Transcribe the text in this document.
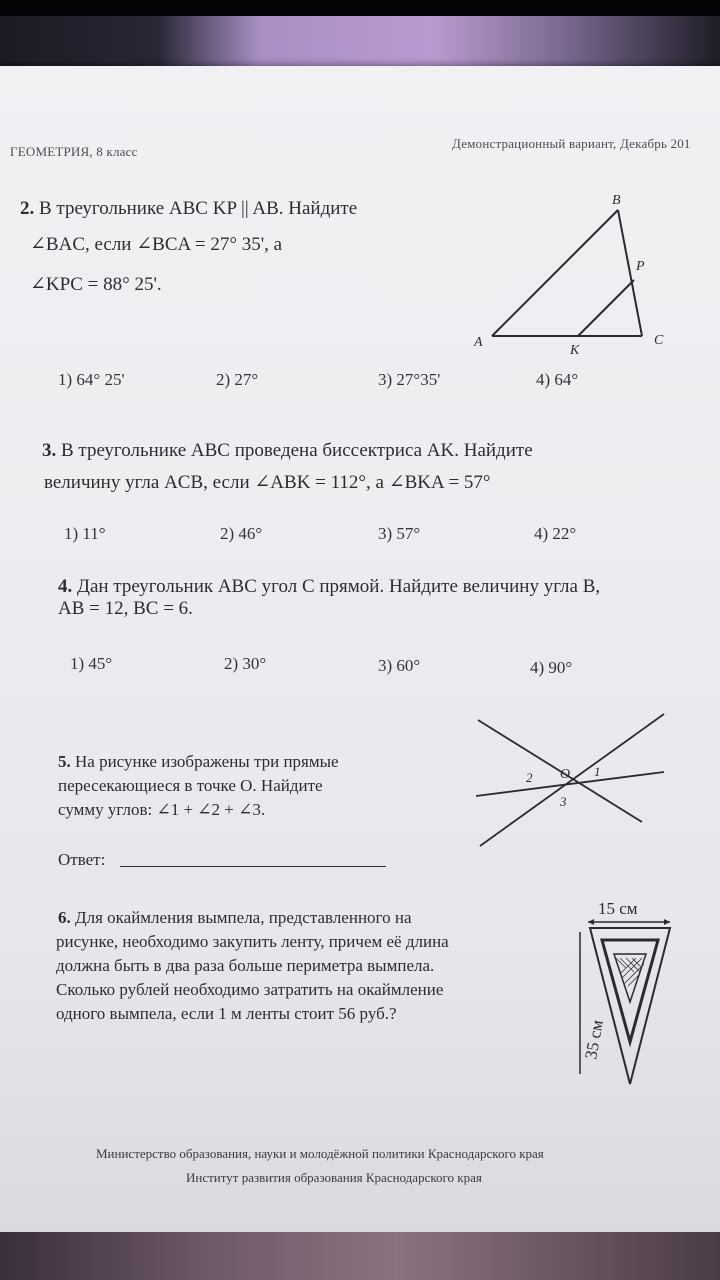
ГЕОМЕТРИЯ, 8 класс
Демонстрационный вариант, Декабрь 201
2. В треугольнике ABC KP || AB. Найдите
∠BAC, если ∠BCA = 27° 35', а
∠KPC = 88° 25'.
B
P
A
K
C
1) 64° 25'	2) 27°	3) 27°35'	4) 64°
3. В треугольнике ABC проведена биссектриса AK. Найдите
величину угла ACB, если ∠ABK = 112°, а ∠BKA = 57°
1) 11°	2) 46°	3) 57°	4) 22°
4. Дан треугольник ABC угол C прямой. Найдите величину угла B,
AB = 12, BC = 6.
1) 45°	2) 30°	3) 60°	4) 90°
5. На рисунке изображены три прямые
пересекающиеся в точке О. Найдите
сумму углов: ∠1 + ∠2 + ∠3.
Ответ:
O 1
2
3
6. Для окаймления вымпела, представленного на
рисунке, необходимо закупить ленту, причем её длина
должна быть в два раза больше периметра вымпела.
Сколько рублей необходимо затратить на окаймление
одного вымпела, если 1 м ленты стоит 56 руб.?
15 см
35 см
Министерство образования, науки и молодёжной политики Краснодарского края
Институт развития образования Краснодарского края
